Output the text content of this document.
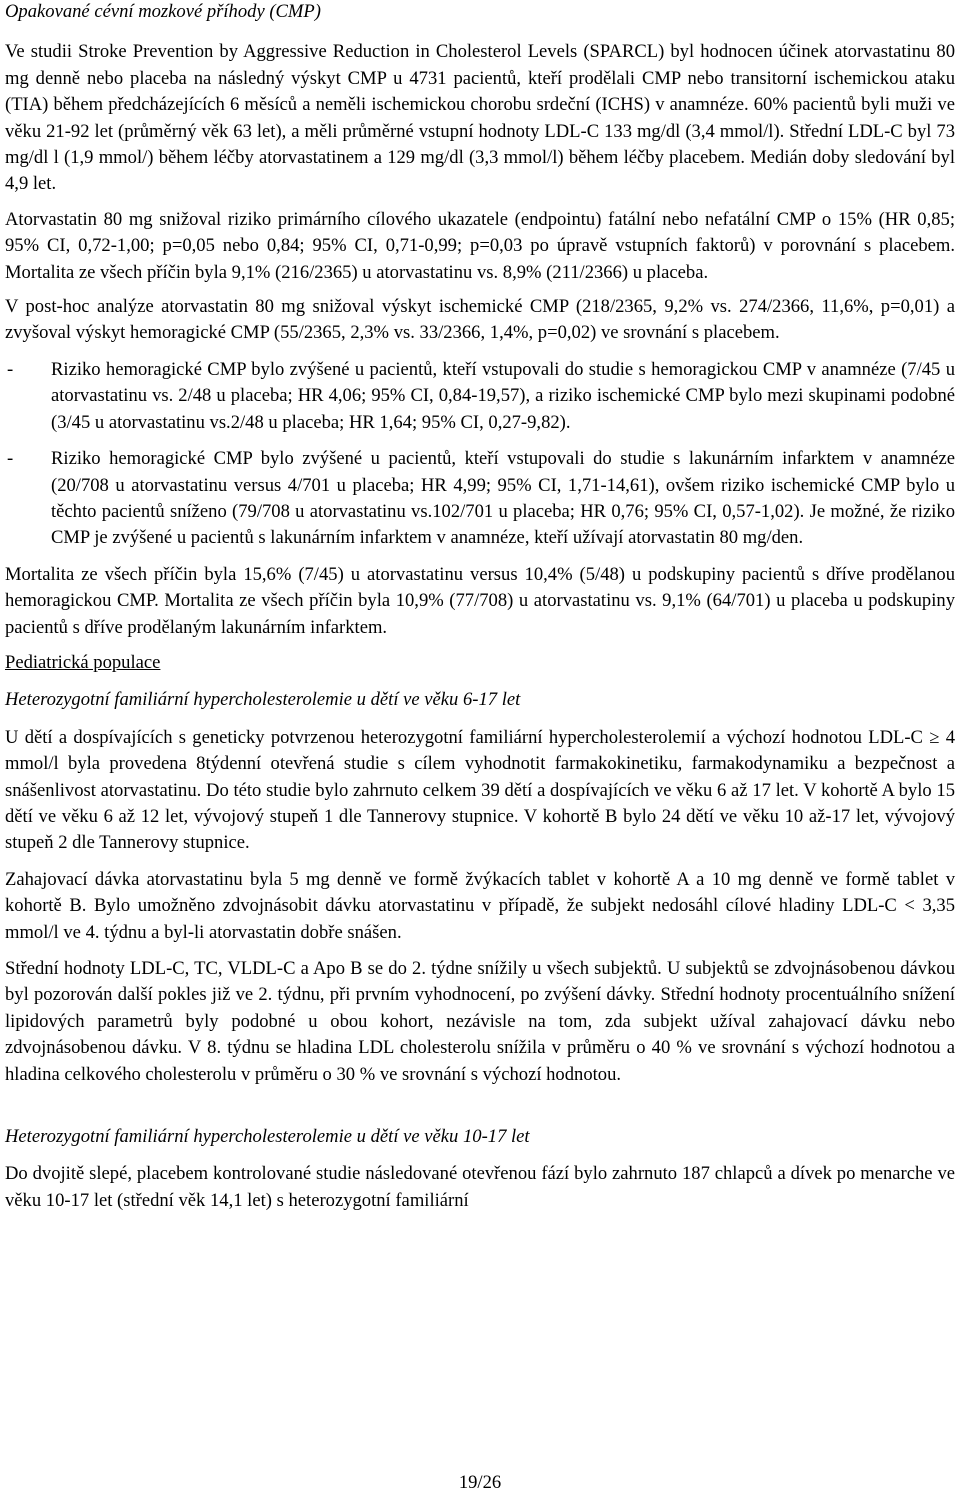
Opakované cévní mozkové příhody (CMP)

Ve studii Stroke Prevention by Aggressive Reduction in Cholesterol Levels (SPARCL) byl hodnocen účinek atorvastatinu 80 mg denně nebo placeba na následný výskyt CMP u 4731 pacientů, kteří prodělali CMP nebo transitorní ischemickou ataku (TIA) během předcházejících 6 měsíců a neměli ischemickou chorobu srdeční (ICHS) v anamnéze. 60% pacientů byli muži ve věku 21-92 let (průměrný věk 63 let), a měli průměrné vstupní hodnoty LDL-C 133 mg/dl (3,4 mmol/l). Střední LDL-C byl 73 mg/dl l (1,9 mmol/) během léčby atorvastatinem a 129 mg/dl (3,3 mmol/l) během léčby placebem. Medián doby sledování byl 4,9 let.

Atorvastatin 80 mg snižoval riziko primárního cílového ukazatele (endpointu) fatální nebo nefatální CMP o 15% (HR 0,85; 95% CI, 0,72-1,00; p=0,05 nebo 0,84; 95% CI, 0,71-0,99; p=0,03 po úpravě vstupních faktorů) v porovnání s placebem. Mortalita ze všech příčin byla 9,1% (216/2365) u atorvastatinu vs. 8,9% (211/2366) u placeba.

V post-hoc analýze atorvastatin 80 mg snižoval výskyt ischemické CMP (218/2365, 9,2% vs. 274/2366, 11,6%, p=0,01) a zvyšoval výskyt hemoragické CMP (55/2365, 2,3% vs. 33/2366, 1,4%, p=0,02) ve srovnání s placebem.

-	Riziko hemoragické CMP bylo zvýšené u pacientů, kteří vstupovali do studie s hemoragickou CMP v anamnéze (7/45 u atorvastatinu vs. 2/48 u placeba; HR 4,06; 95% CI, 0,84-19,57), a riziko ischemické CMP bylo mezi skupinami podobné (3/45 u atorvastatinu vs.2/48 u placeba; HR 1,64; 95% CI, 0,27-9,82).
-	Riziko hemoragické CMP bylo zvýšené u pacientů, kteří vstupovali do studie s lakunárním infarktem v anamnéze (20/708 u atorvastatinu versus 4/701 u placeba; HR 4,99; 95% CI, 1,71-14,61), ovšem riziko ischemické CMP bylo u těchto pacientů sníženo (79/708 u atorvastatinu vs.102/701 u placeba; HR 0,76; 95% CI, 0,57-1,02). Je možné, že riziko CMP je zvýšené u pacientů s lakunárním infarktem v anamnéze, kteří užívají atorvastatin 80 mg/den.

Mortalita ze všech příčin byla 15,6% (7/45) u atorvastatinu versus 10,4% (5/48) u podskupiny pacientů s dříve prodělanou hemoragickou CMP. Mortalita ze všech příčin byla 10,9% (77/708) u atorvastatinu vs. 9,1% (64/701) u placeba u podskupiny pacientů s dříve prodělaným lakunárním infarktem.

Pediatrická populace
Heterozygotní familiární hypercholesterolemie u dětí ve věku 6-17 let

U dětí a dospívajících s geneticky potvrzenou heterozygotní familiární hypercholesterolemií a výchozí hodnotou LDL-C ≥ 4 mmol/l byla provedena 8týdenní otevřená studie s cílem vyhodnotit farmakokinetiku, farmakodynamiku a bezpečnost a snášenlivost atorvastatinu. Do této studie bylo zahrnuto celkem 39 dětí a dospívajících ve věku 6 až 17 let. V kohortě A bylo 15 dětí ve věku 6 až 12 let, vývojový stupeň 1 dle Tannerovy stupnice. V kohortě B bylo 24 dětí ve věku 10 až-17 let, vývojový stupeň 2 dle Tannerovy stupnice.

Zahajovací dávka atorvastatinu byla 5 mg denně ve formě žvýkacích tablet v kohortě A a 10 mg denně ve formě tablet v kohortě B. Bylo umožněno zdvojnásobit dávku atorvastatinu v případě, že subjekt nedosáhl cílové hladiny LDL-C < 3,35 mmol/l ve 4. týdnu a byl-li atorvastatin dobře snášen.

Střední hodnoty LDL-C, TC, VLDL-C a Apo B se do 2. týdne snížily u všech subjektů. U subjektů se zdvojnásobenou dávkou byl pozorován další pokles již ve 2. týdnu, při prvním vyhodnocení, po zvýšení dávky. Střední hodnoty procentuálního snížení lipidových parametrů byly podobné u obou kohort, nezávisle na tom, zda subjekt užíval zahajovací dávku nebo zdvojnásobenou dávku. V 8. týdnu se hladina LDL cholesterolu snížila v průměru o 40 % ve srovnání s výchozí hodnotou a hladina celkového cholesterolu v průměru o 30 % ve srovnání s výchozí hodnotou.

Heterozygotní familiární hypercholesterolemie u dětí ve věku 10-17 let

Do dvojitě slepé, placebem kontrolované studie následované otevřenou fází bylo zahrnuto 187 chlapců a dívek po menarche ve věku 10-17 let (střední věk 14,1 let) s heterozygotní familiární

19/26
